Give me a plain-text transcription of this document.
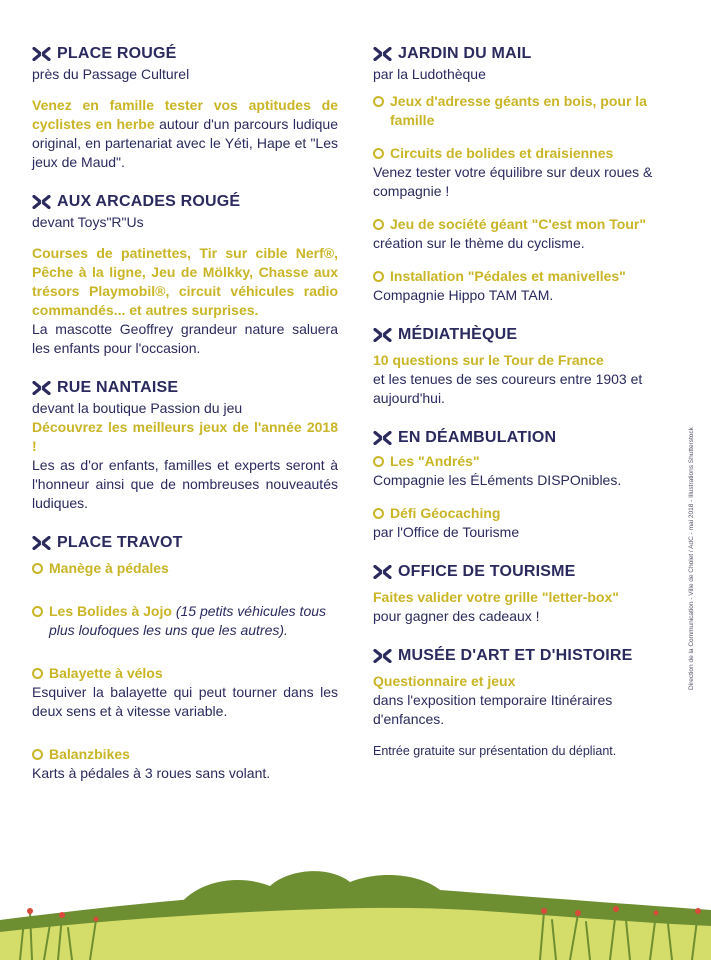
PLACE ROUGÉ
près du Passage Culturel
Venez en famille tester vos aptitudes de cyclistes en herbe autour d'un parcours ludique original, en partenariat avec le Yéti, Hape et "Les jeux de Maud".
AUX ARCADES ROUGÉ
devant Toys"R"Us
Courses de patinettes, Tir sur cible Nerf®, Pêche à la ligne, Jeu de Mölkky, Chasse aux trésors Playmobil®, circuit véhicules radio commandés... et autres surprises.
La mascotte Geoffrey grandeur nature saluera les enfants pour l'occasion.
RUE NANTAISE
devant la boutique Passion du jeu
Découvrez les meilleurs jeux de l'année 2018 !
Les as d'or enfants, familles et experts seront à l'honneur ainsi que de nombreuses nouveautés ludiques.
PLACE TRAVOT
Manège à pédales
Les Bolides à Jojo (15 petits véhicules tous plus loufoques les uns que les autres).
Balayette à vélos
Esquiver la balayette qui peut tourner dans les deux sens et à vitesse variable.
Balanzbikes
Karts à pédales à 3 roues sans volant.
JARDIN DU MAIL
par la Ludothèque
Jeux d'adresse géants en bois, pour la famille
Circuits de bolides et draisiennes
Venez tester votre équilibre sur deux roues & compagnie !
Jeu de société géant "C'est mon Tour"
création sur le thème du cyclisme.
Installation "Pédales et manivelles"
Compagnie Hippo TAM TAM.
MÉDIATHÈQUE
10 questions sur le Tour de France
et les tenues de ses coureurs entre 1903 et aujourd'hui.
EN DÉAMBULATION
Les "Andrés"
Compagnie les ÉLéments DISPOnibles.
Défi Géocaching
par l'Office de Tourisme
OFFICE DE TOURISME
Faites valider votre grille "letter-box"
pour gagner des cadeaux !
MUSÉE D'ART ET D'HISTOIRE
Questionnaire et jeux
dans l'exposition temporaire Itinéraires d'enfances.
Entrée gratuite sur présentation du dépliant.
Direction de la Communication - Ville de Cholet / AdC - mai 2018 - Illustrations Shutterstock
